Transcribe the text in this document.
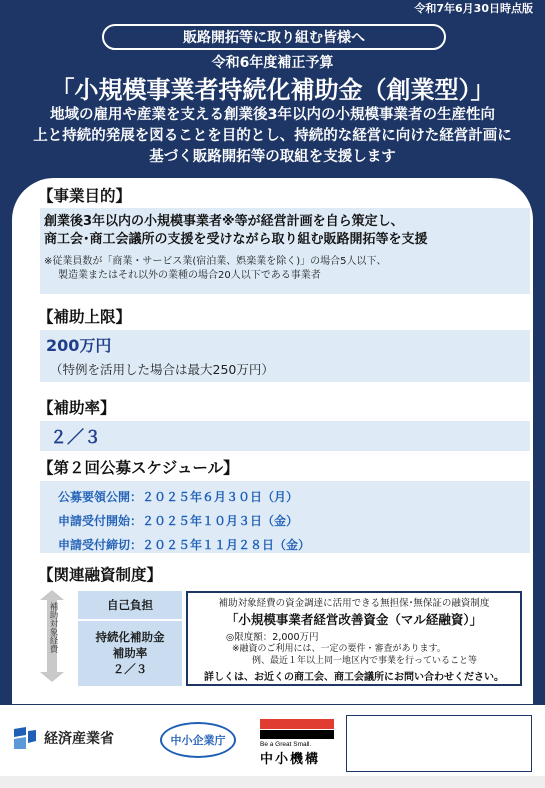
令和7年6月30日時点版
販路開拓等に取り組む皆様へ
令和6年度補正予算
「小規模事業者持続化補助金（創業型）」
地域の雇用や産業を支える創業後3年以内の小規模事業者の生産性向
上と持続的発展を図ることを目的とし、持続的な経営に向けた経営計画に
基づく販路開拓等の取組を支援します
【事業目的】
創業後3年以内の小規模事業者※等が経営計画を自ら策定し、
商工会･商工会議所の支援を受けながら取り組む販路開拓等を支援
※従業員数が「商業・サービス業(宿泊業、娯楽業を除く)」の場合5人以下、
製造業またはそれ以外の業種の場合20人以下である事業者
【補助上限】
200万円
（特例を活用した場合は最大250万円）
【補助率】
２／３
【第２回公募スケジュール】
公募要領公開：２０２５年６月３０日（月）
申請受付開始：２０２５年１０月３日（金）
申請受付締切：２０２５年１１月２８日（金）
【関連融資制度】
補助対象経費	自己負担
持続化補助金
補助率
２／３
補助対象経費の資金調達に活用できる無担保･無保証の融資制度
「小規模事業者経営改善資金（マル経融資）」
◎限度額：2,000万円
※融資のご利用には、一定の要件・審査があります。
例、最近１年以上同一地区内で事業を行っていること等
詳しくは、お近くの商工会、商工会議所にお問い合わせください。
経済産業省	中小企業庁	Be a Great Small.
中小機構
